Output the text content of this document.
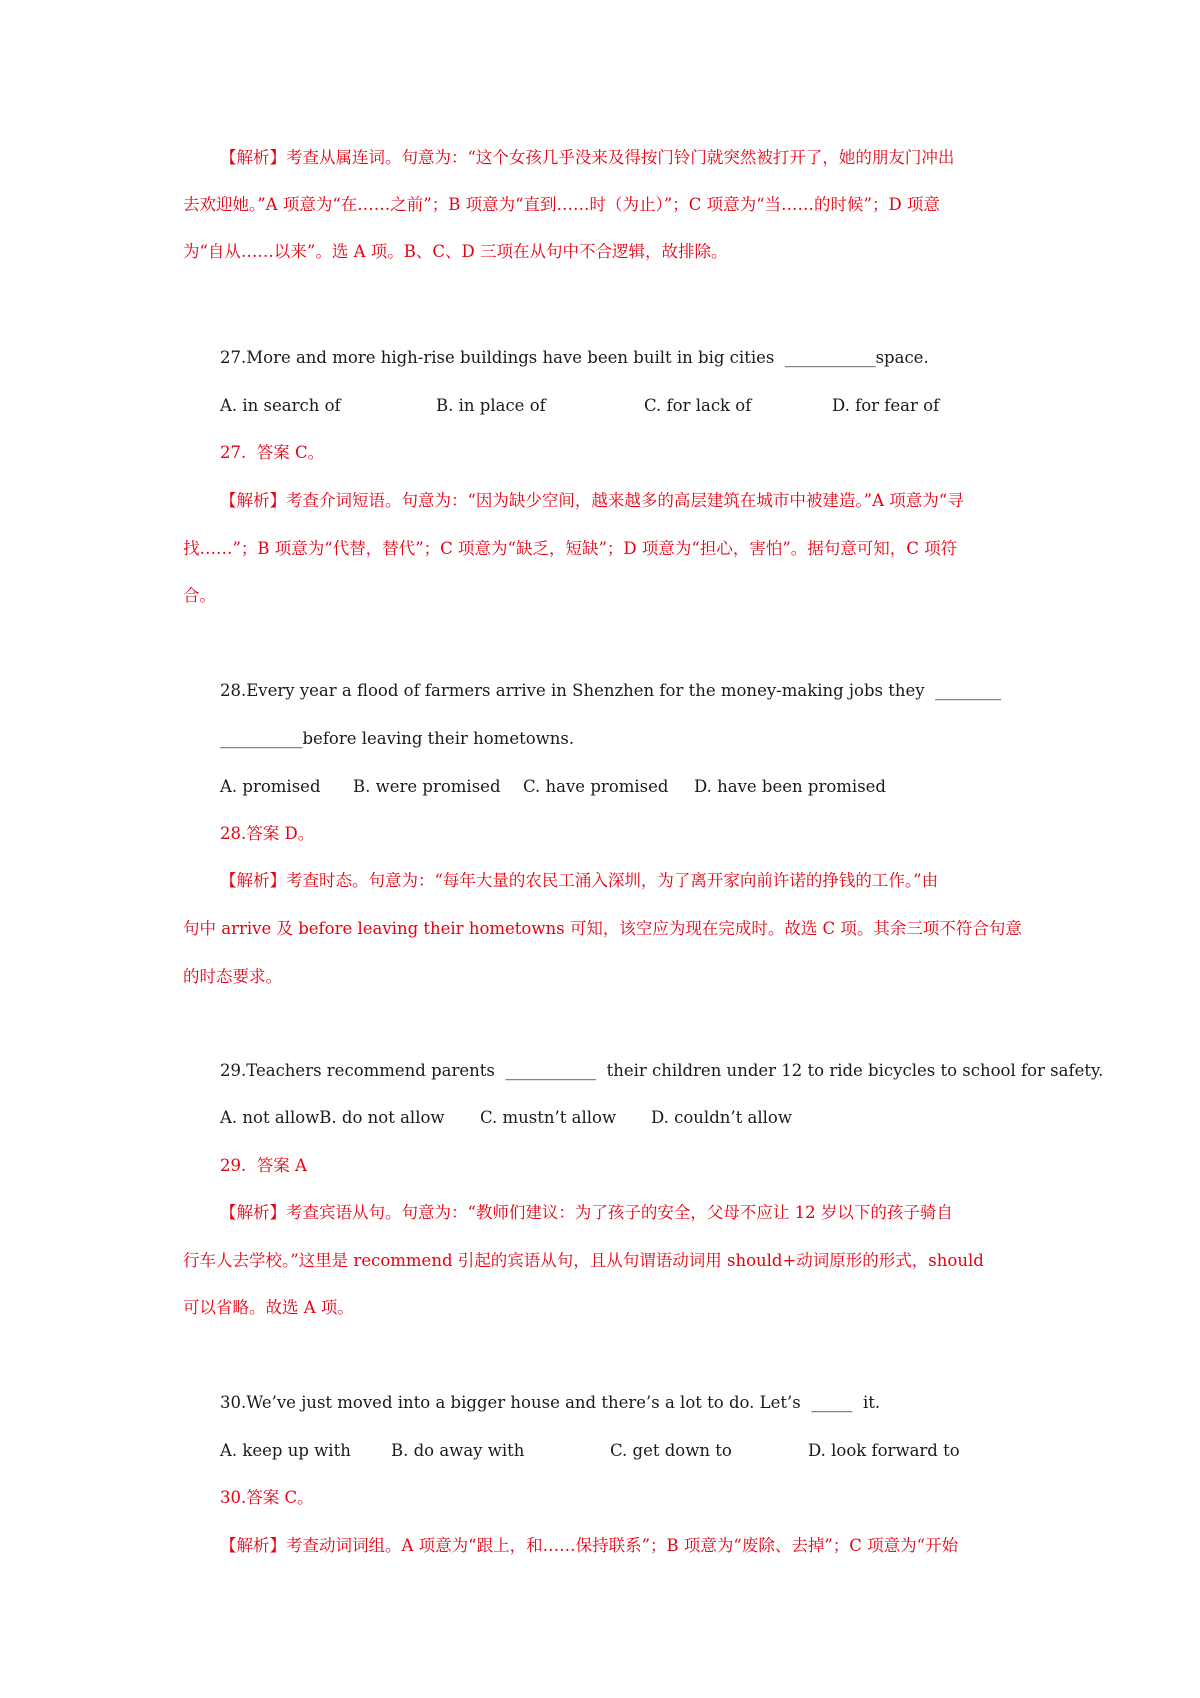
【解析】考查从属连词。句意为：“这个女孩几乎没来及得按门铃门就突然被打开了，她的朋友门冲出
去欢迎她。”A 项意为“在……之前”；B 项意为“直到……时（为止）”；C 项意为“当……的时候”；D 项意
为“自从……以来”。选 A 项。B、C、D 三项在从句中不合逻辑，故排除。
27.More and more high-rise buildings have been built in big cities  ___________space.
A. in search of	B. in place of	C. for lack of	D. for fear of
27.  答案 C。
【解析】考查介词短语。句意为：“因为缺少空间，越来越多的高层建筑在城市中被建造。”A 项意为“寻
找……”；B 项意为“代替，替代”；C 项意为“缺乏，短缺”；D 项意为“担心，害怕”。据句意可知，C 项符
合。
28.Every year a flood of farmers arrive in Shenzhen for the money-making jobs they  ________
__________before leaving their hometowns.
A. promised B. were promised C. have promised D. have been promised
28.答案 D。
【解析】考查时态。句意为：“每年大量的农民工涌入深圳，为了离开家向前许诺的挣钱的工作。”由
句中 arrive 及 before leaving their hometowns 可知，该空应为现在完成时。故选 C 项。其余三项不符合句意
的时态要求。
29.Teachers recommend parents  ___________  their children under 12 to ride bicycles to school for safety.
A. not allowB. do not allow C. mustn’t allow D. couldn’t allow
29.  答案 A
【解析】考查宾语从句。句意为：“教师们建议：为了孩子的安全，父母不应让 12 岁以下的孩子骑自
行车人去学校。”这里是 recommend 引起的宾语从句，且从句谓语动词用 should+动词原形的形式，should
可以省略。故选 A 项。
30.We’ve just moved into a bigger house and there’s a lot to do. Let’s  _____  it.
A. keep up with B. do away with	C. get down to	D. look forward to
30.答案 C。
【解析】考查动词词组。A 项意为“跟上，和……保持联系”；B 项意为“废除、去掉”；C 项意为“开始
